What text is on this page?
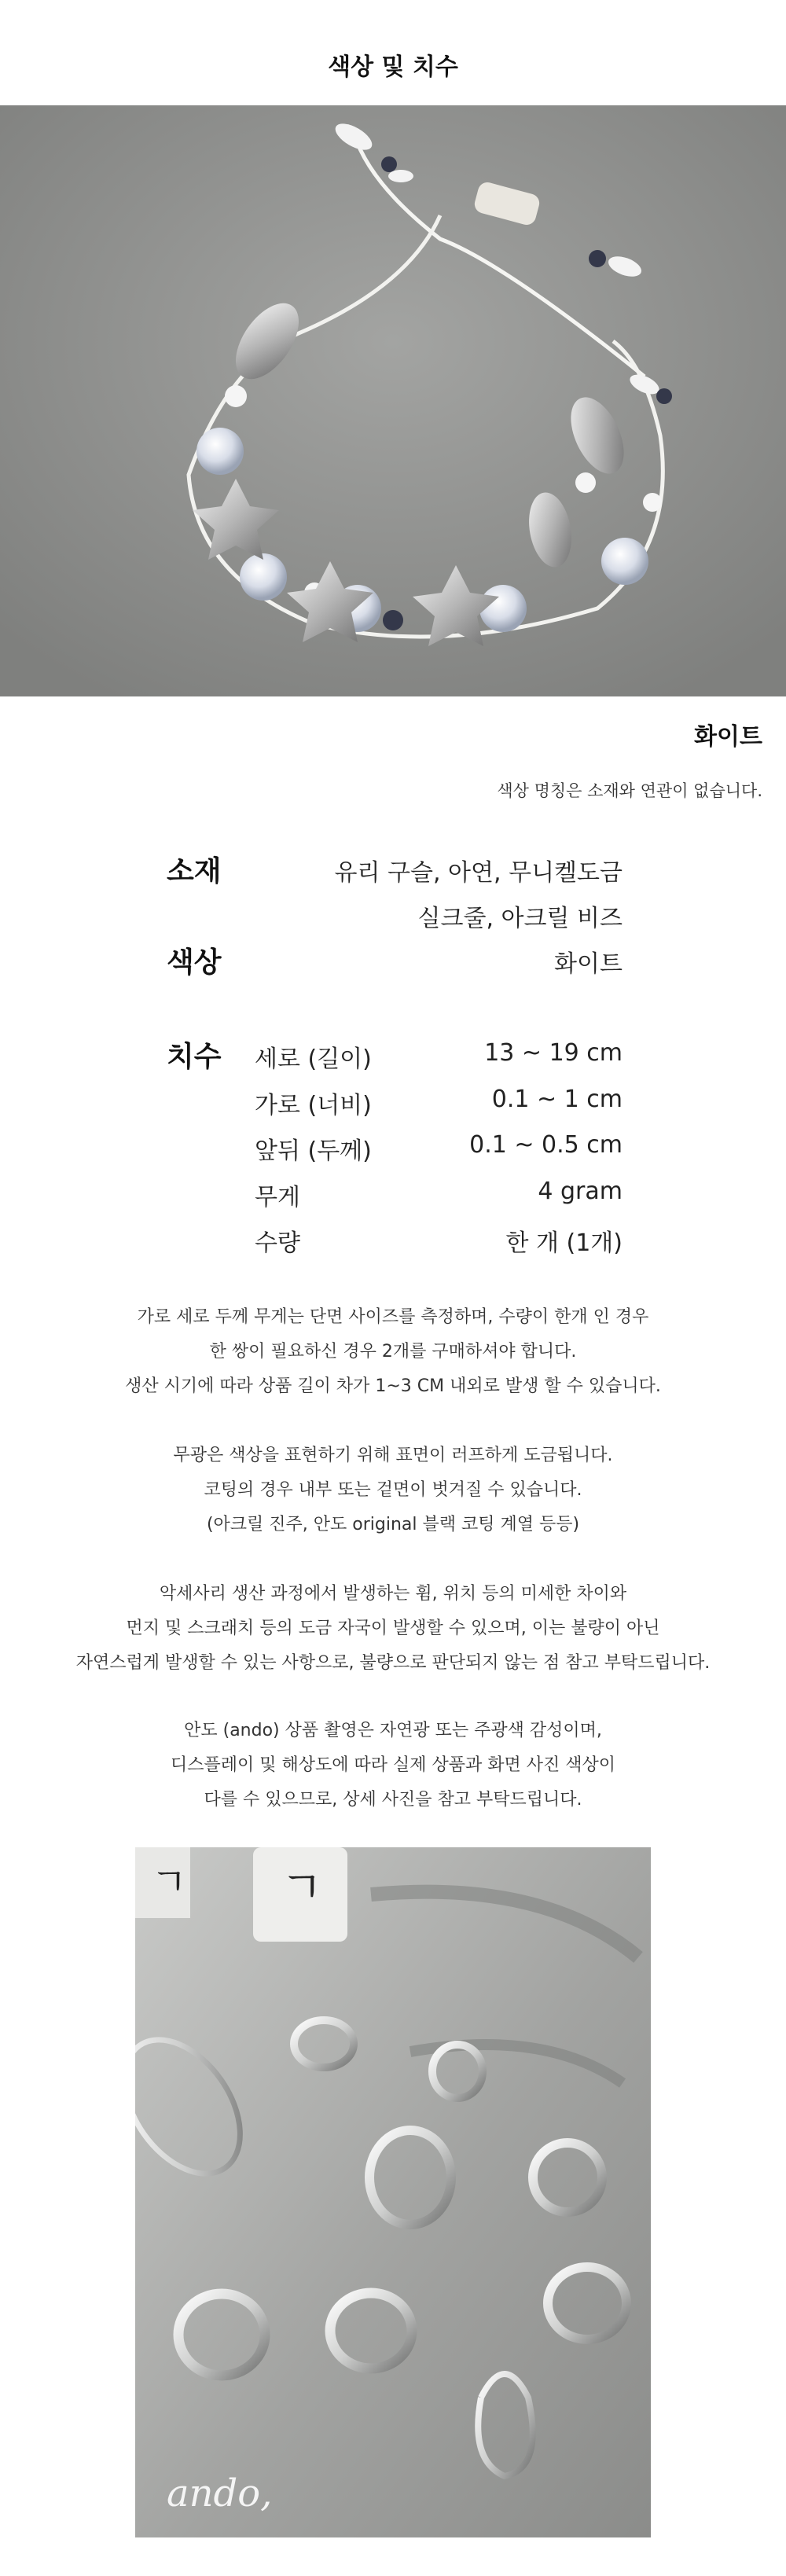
색상 및 치수
화이트
색상 명칭은 소재와 연관이 없습니다.
소재	유리 구슬, 아연, 무니켈도금
실크줄, 아크릴 비즈
색상	화이트
치수 세로 (길이)	13 ~ 19 cm
가로 (너비)	0.1 ~ 1 cm
앞뒤 (두께)	0.1 ~ 0.5 cm
무게	4 gram
수량	한 개 (1개)

가로 세로 두께 무게는 단면 사이즈를 측정하며, 수량이 한개 인 경우

한 쌍이 필요하신 경우 2개를 구매하셔야 합니다.

생산 시기에 따라 상품 길이 차가 1~3 CM 내외로 발생 할 수 있습니다.

무광은 색상을 표현하기 위해 표면이 러프하게 도금됩니다.

코팅의 경우 내부 또는 겉면이 벗겨질 수 있습니다.

(아크릴 진주, 안도 original 블랙 코팅 계열 등등)

악세사리 생산 과정에서 발생하는 휨, 위치 등의 미세한 차이와

먼지 및 스크래치 등의 도금 자국이 발생할 수 있으며, 이는 불량이 아닌

자연스럽게 발생할 수 있는 사항으로, 불량으로 판단되지 않는 점 참고 부탁드립니다.

안도 (ando) 상품 촬영은 자연광 또는 주광색 감성이며,

디스플레이 및 해상도에 따라 실제 상품과 화면 사진 색상이

다를 수 있으므로, 상세 사진을 참고 부탁드립니다.

ㄱ
ㄱ
ando,
